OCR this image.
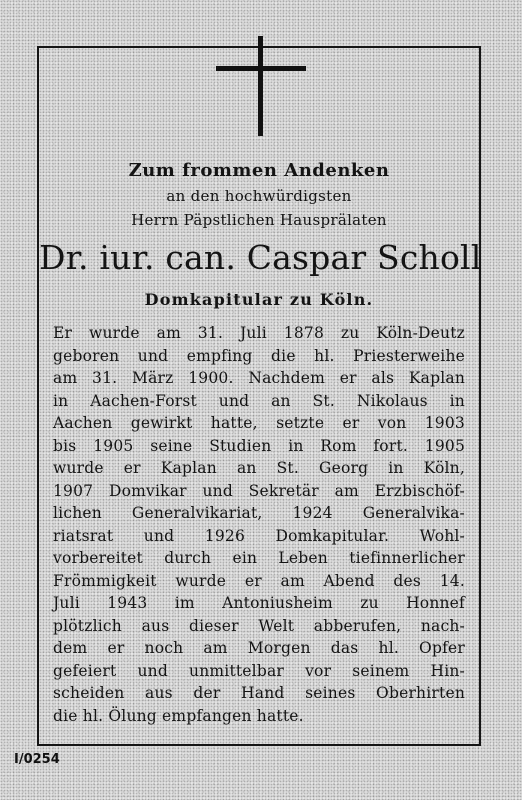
Zum frommen Andenken
an den hochwürdigsten
Herrn Päpstlichen Hausprälaten
Dr. iur. can. Caspar Scholl
Domkapitular zu Köln.

Er wurde am 31. Juli 1878 zu Köln-Deutz
geboren und empfing die hl. Priesterweihe
am 31. März 1900. Nachdem er als Kaplan
in Aachen-Forst und an St. Nikolaus in
Aachen gewirkt hatte, setzte er von 1903
bis 1905 seine Studien in Rom fort. 1905
wurde er Kaplan an St. Georg in Köln,
1907 Domvikar und Sekretär am Erzbischöf-
lichen Generalvikariat, 1924 Generalvika-
riatsrat und 1926 Domkapitular. Wohl-
vorbereitet durch ein Leben tiefinnerlicher
Frömmigkeit wurde er am Abend des 14.
Juli 1943 im Antoniusheim zu Honnef
plötzlich aus dieser Welt abberufen, nach-
dem er noch am Morgen das hl. Opfer
gefeiert und unmittelbar vor seinem Hin-
scheiden aus der Hand seines Oberhirten
die hl. Ölung empfangen hatte.

I/0254
